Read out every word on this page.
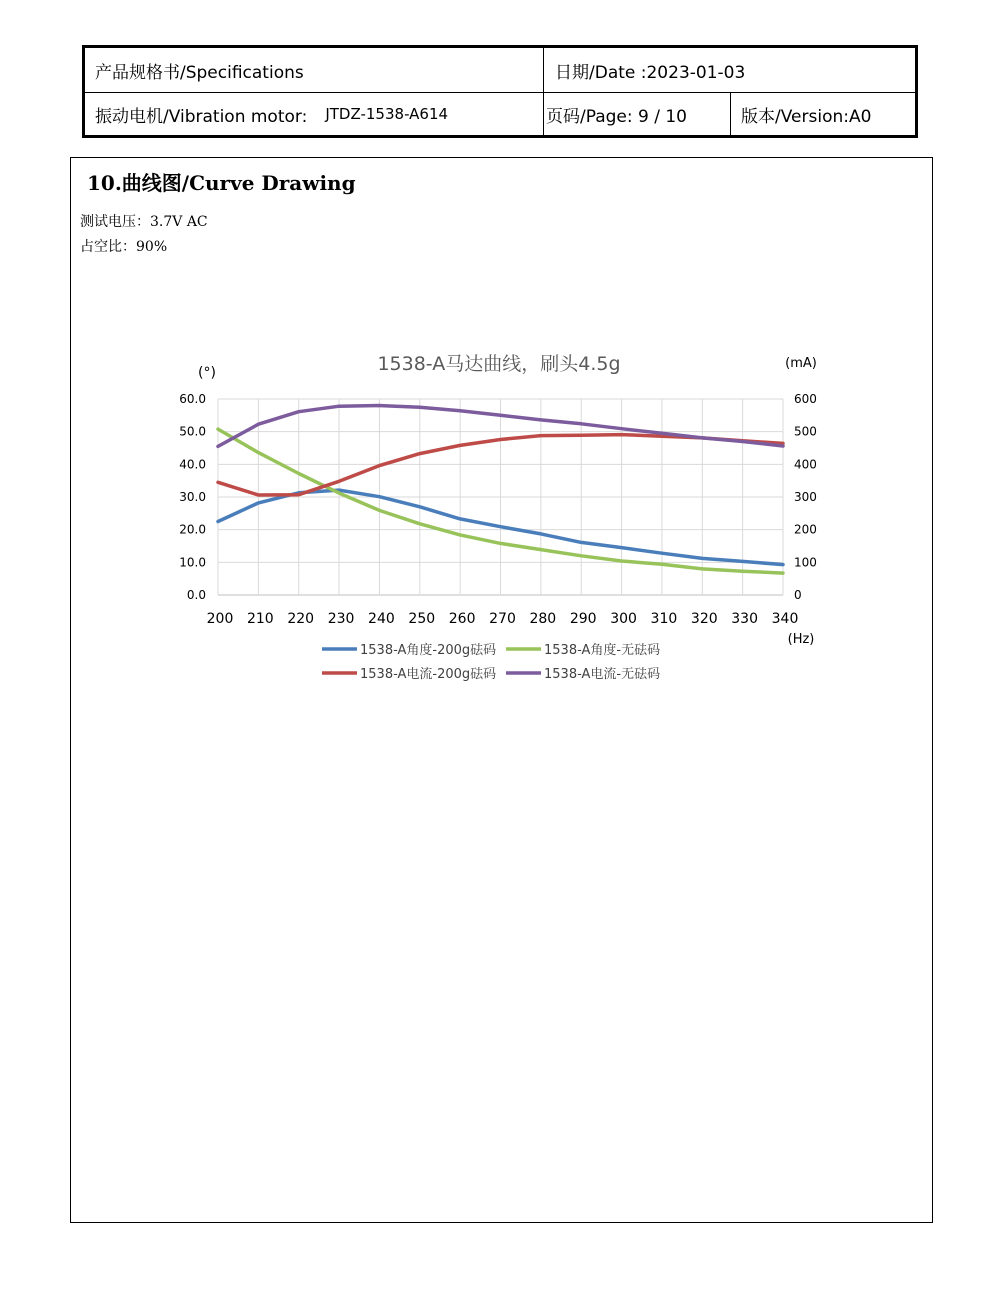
产品规格书/Specifications	日期/Date :2023-01-03
振动电机/Vibration motor: JTDZ-1538-A614	页码/Page: 9 / 10	版本/Version:A0
10.曲线图/Curve Drawing
测试电压：3.7V AC
占空比：90%
1538-A马达曲线，刷头4.5g
(°)
(mA)
(Hz)
0.0
10.0
20.0
30.0
40.0
50.0
60.0
0
100
200
300
400
500
600
200 210 220 230 240 250 260 270 280 290 300 310 320 330 340
1538-A角度-200g砝码	1538-A角度-无砝码
1538-A电流-200g砝码	1538-A电流-无砝码
